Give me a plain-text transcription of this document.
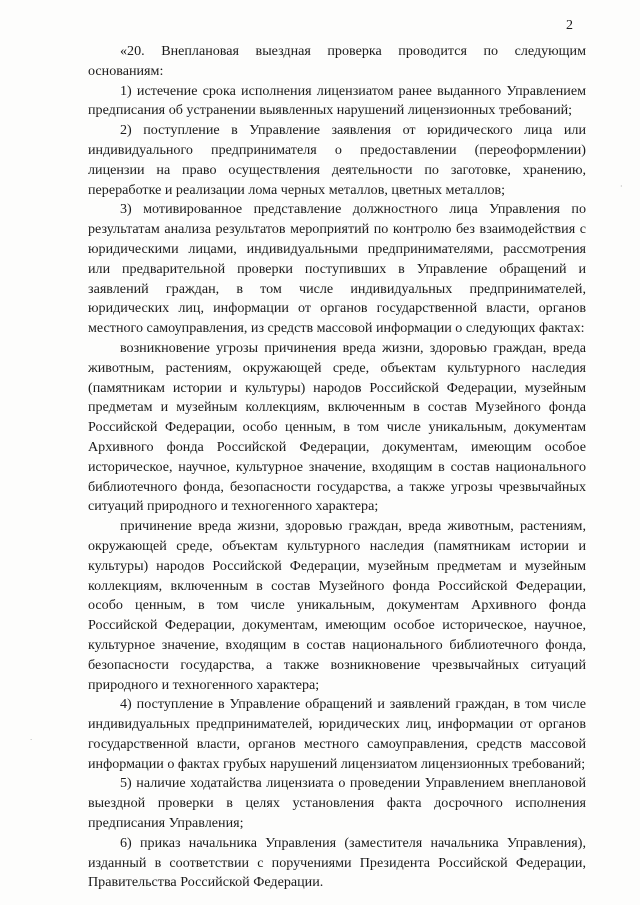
2

«20. Внеплановая выездная проверка проводится по следующим основаниям:

1) истечение срока исполнения лицензиатом ранее выданного Управлением предписания об устранении выявленных нарушений лицензионных требований;

2) поступление в Управление заявления от юридического лица или индивидуального предпринимателя о предоставлении (переоформлении) лицензии на право осуществления деятельности по заготовке, хранению, переработке и реализации лома черных металлов, цветных металлов;

3) мотивированное представление должностного лица Управления по результатам анализа результатов мероприятий по контролю без взаимодействия с юридическими лицами, индивидуальными предпринимателями, рассмотрения или предварительной проверки поступивших в Управление обращений и заявлений граждан, в том числе индивидуальных предпринимателей, юридических лиц, информации от органов государственной власти, органов местного самоуправления, из средств массовой информации о следующих фактах:

возникновение угрозы причинения вреда жизни, здоровью граждан, вреда животным, растениям, окружающей среде, объектам культурного наследия (памятникам истории и культуры) народов Российской Федерации, музейным предметам и музейным коллекциям, включенным в состав Музейного фонда Российской Федерации, особо ценным, в том числе уникальным, документам Архивного фонда Российской Федерации, документам, имеющим особое историческое, научное, культурное значение, входящим в состав национального библиотечного фонда, безопасности государства, а также угрозы чрезвычайных ситуаций природного и техногенного характера;

причинение вреда жизни, здоровью граждан, вреда животным, растениям, окружающей среде, объектам культурного наследия (памятникам истории и культуры) народов Российской Федерации, музейным предметам и музейным коллекциям, включенным в состав Музейного фонда Российской Федерации, особо ценным, в том числе уникальным, документам Архивного фонда Российской Федерации, документам, имеющим особое историческое, научное, культурное значение, входящим в состав национального библиотечного фонда, безопасности государства, а также возникновение чрезвычайных ситуаций природного и техногенного характера;

4) поступление в Управление обращений и заявлений граждан, в том числе индивидуальных предпринимателей, юридических лиц, информации от органов государственной власти, органов местного самоуправления, средств массовой информации о фактах грубых нарушений лицензиатом лицензионных требований;

5) наличие ходатайства лицензиата о проведении Управлением внеплановой выездной проверки в целях установления факта досрочного исполнения предписания Управления;

6) приказ начальника Управления (заместителя начальника Управления), изданный в соответствии с поручениями Президента Российской Федерации, Правительства Российской Федерации.

·
·
